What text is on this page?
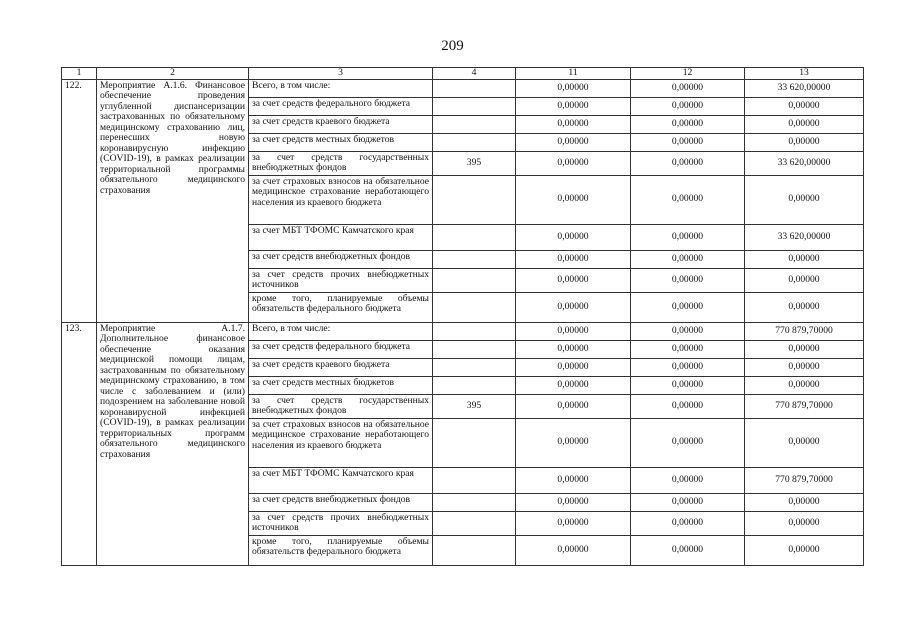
209
1	2	3	4	11	12	13
122.	Мероприятие А.1.6. Финансовое обеспечение проведения углубленной диспансеризации застрахованных по обязательному медицинскому страхованию лиц, перенесших новую коронавирусную инфекцию (COVID-19), в рамках реализации территориальной программы обязательного медицинского страхования	Всего, в том числе:		0,00000	0,00000	33 620,00000
		за счет средств федерального бюджета		0,00000	0,00000	0,00000
		за счет средств краевого бюджета		0,00000	0,00000	0,00000
		за счет средств местных бюджетов		0,00000	0,00000	0,00000
		за счет средств государственных внебюджетных фондов	395	0,00000	0,00000	33 620,00000
		за счет страховых взносов на обязательное медицинское страхование неработающего населения из краевого бюджета		0,00000	0,00000	0,00000
		за счет МБТ ТФОМС Камчатского края		0,00000	0,00000	33 620,00000
		за счет средств внебюджетных фондов		0,00000	0,00000	0,00000
		за счет средств прочих внебюджетных источников		0,00000	0,00000	0,00000
		кроме того, планируемые объемы обязательств федерального бюджета		0,00000	0,00000	0,00000
123.	Мероприятие А.1.7. Дополнительное финансовое обеспечение оказания медицинской помощи лицам, застрахованным по обязательному медицинскому страхованию, в том числе с заболеванием и (или) подозрением на заболевание новой коронавирусной инфекцией (COVID-19), в рамках реализации территориальных программ обязательного медицинского страхования	Всего, в том числе:		0,00000	0,00000	770 879,70000
		за счет средств федерального бюджета		0,00000	0,00000	0,00000
		за счет средств краевого бюджета		0,00000	0,00000	0,00000
		за счет средств местных бюджетов		0,00000	0,00000	0,00000
		за счет средств государственных внебюджетных фондов	395	0,00000	0,00000	770 879,70000
		за счет страховых взносов на обязательное медицинское страхование неработающего населения из краевого бюджета		0,00000	0,00000	0,00000
		за счет МБТ ТФОМС Камчатского края		0,00000	0,00000	770 879,70000
		за счет средств внебюджетных фондов		0,00000	0,00000	0,00000
		за счет средств прочих внебюджетных источников		0,00000	0,00000	0,00000
		кроме того, планируемые объемы обязательств федерального бюджета		0,00000	0,00000	0,00000
